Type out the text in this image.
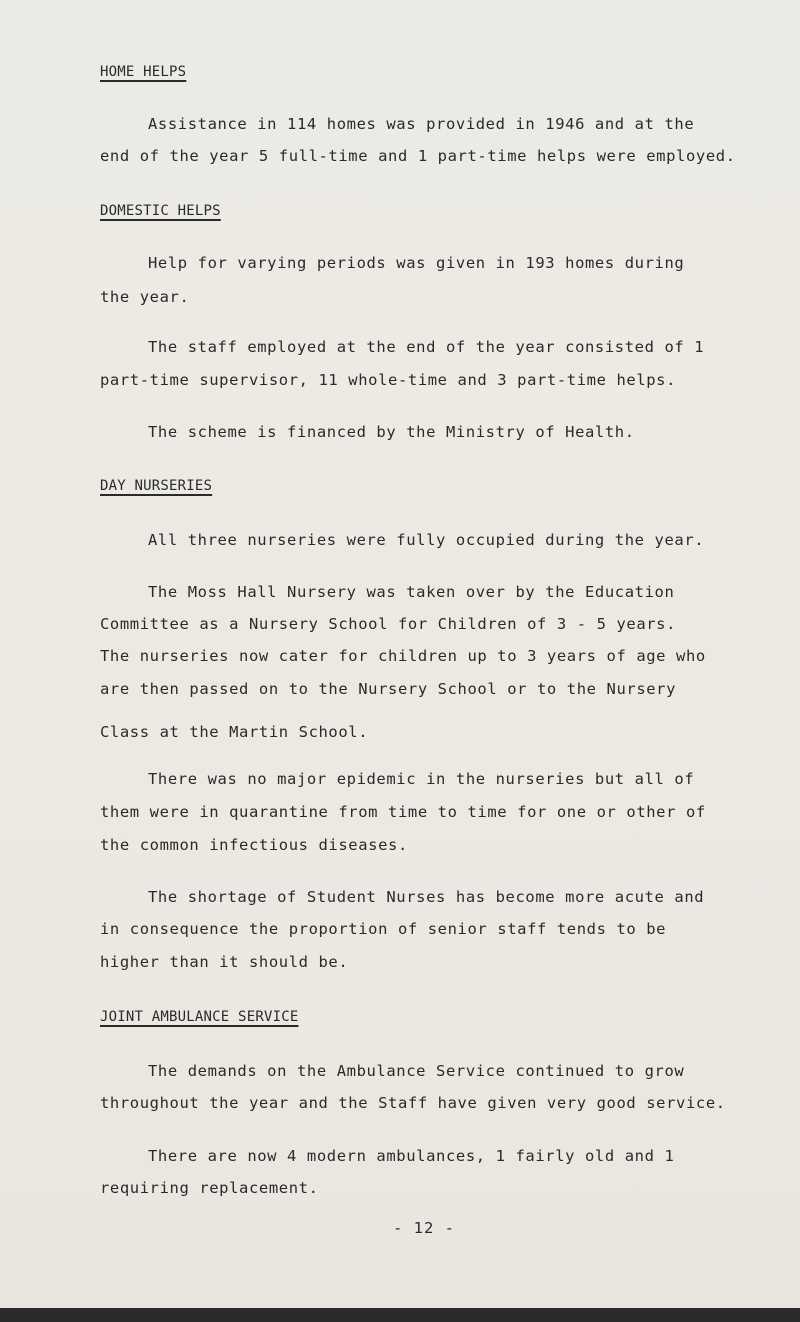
HOME HELPS
Assistance in 114 homes was provided in 1946 and at the
end of the year 5 full-time and 1 part-time helps were employed.
DOMESTIC HELPS
Help for varying periods was given in 193 homes during
the year.
The staff employed at the end of the year consisted of 1
part-time supervisor, 11 whole-time and 3 part-time helps.
The scheme is financed by the Ministry of Health.
DAY NURSERIES
All three nurseries were fully occupied during the year.
The Moss Hall Nursery was taken over by the Education
Committee as a Nursery School for Children of 3 - 5 years.
The nurseries now cater for children up to 3 years of age who
are then passed on to the Nursery School or to the Nursery
Class at the Martin School.
There was no major epidemic in the nurseries but all of
them were in quarantine from time to time for one or other of
the common infectious diseases.
The shortage of Student Nurses has become more acute and
in consequence the proportion of senior staff tends to be
higher than it should be.
JOINT AMBULANCE SERVICE
The demands on the Ambulance Service continued to grow
throughout the year and the Staff have given very good service.
There are now 4 modern ambulances, 1 fairly old and 1
requiring replacement.
- 12 -
